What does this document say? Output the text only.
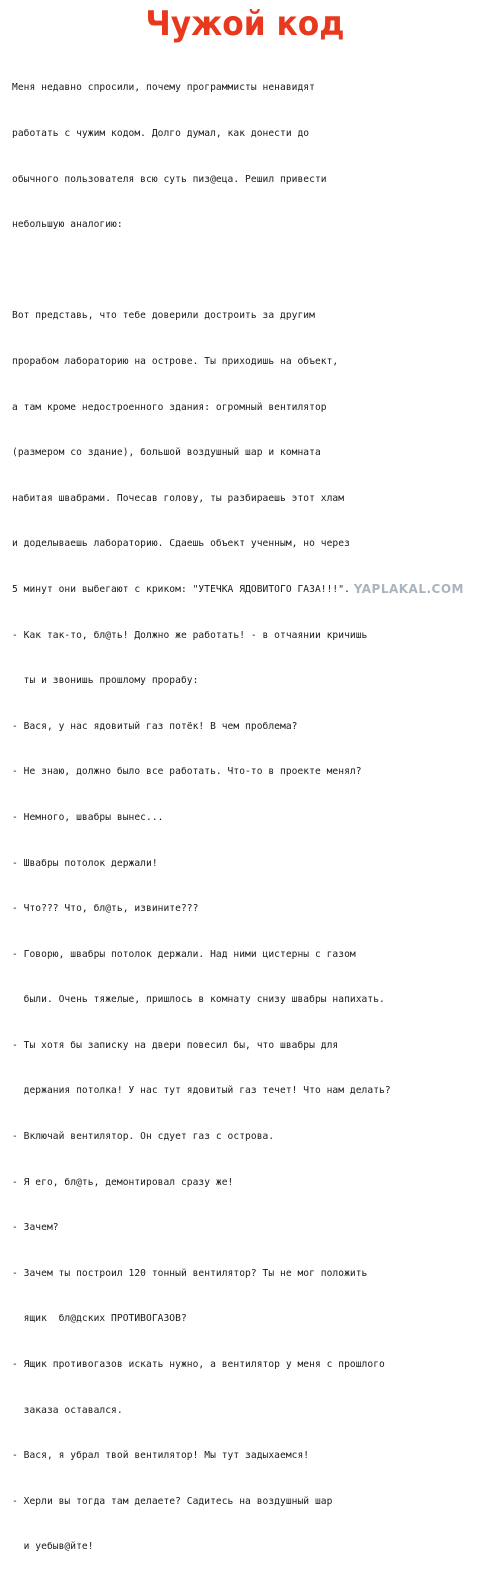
Чужой код

Меня недавно спросили, почему программисты ненавидят

работать с чужим кодом. Долго думал, как донести до

обычного пользователя всю суть пиз@еца. Решил привести

небольшую аналогию:

Вот представь, что тебе доверили достроить за другим

прорабом лабораторию на острове. Ты приходишь на объект,

а там кроме недостроенного здания: огромный вентилятор

(размером со здание), большой воздушный шар и комната

набитая швабрами. Почесав голову, ты разбираешь этот хлам

и доделываешь лабораторию. Сдаешь объект ученным, но через

5 минут они выбегают с криком: "УТЕЧКА ЯДОВИТОГО ГАЗА!!!".

- Как так-то, бл@ть! Должно же работать! - в отчаянии кричишь

ты и звонишь прошлому прорабу:

- Вася, у нас ядовитый газ потёк! В чем проблема?

- Не знаю, должно было все работать. Что-то в проекте менял?

- Немного, швабры вынес...

- Швабры потолок держали!

- Что??? Что, бл@ть, извините???

- Говорю, швабры потолок держали. Над ними цистерны с газом

были. Очень тяжелые, пришлось в комнату снизу швабры напихать.

- Ты хотя бы записку на двери повесил бы, что швабры для

держания потолка! У нас тут ядовитый газ течет! Что нам делать?

- Включай вентилятор. Он сдует газ с острова.

- Я его, бл@ть, демонтировал сразу же!

- Зачем?

- Зачем ты построил 120 тонный вентилятор? Ты не мог положить

ящик  бл@дских ПРОТИВОГАЗОВ?

- Ящик противогазов искать нужно, а вентилятор у меня с прошлого

заказа оставался.

- Вася, я убрал твой вентилятор! Мы тут задыхаемся!

- Херли вы тогда там делаете? Садитесь на воздушный шар

и уебыв@йте!

YAPLAKAL.COM
